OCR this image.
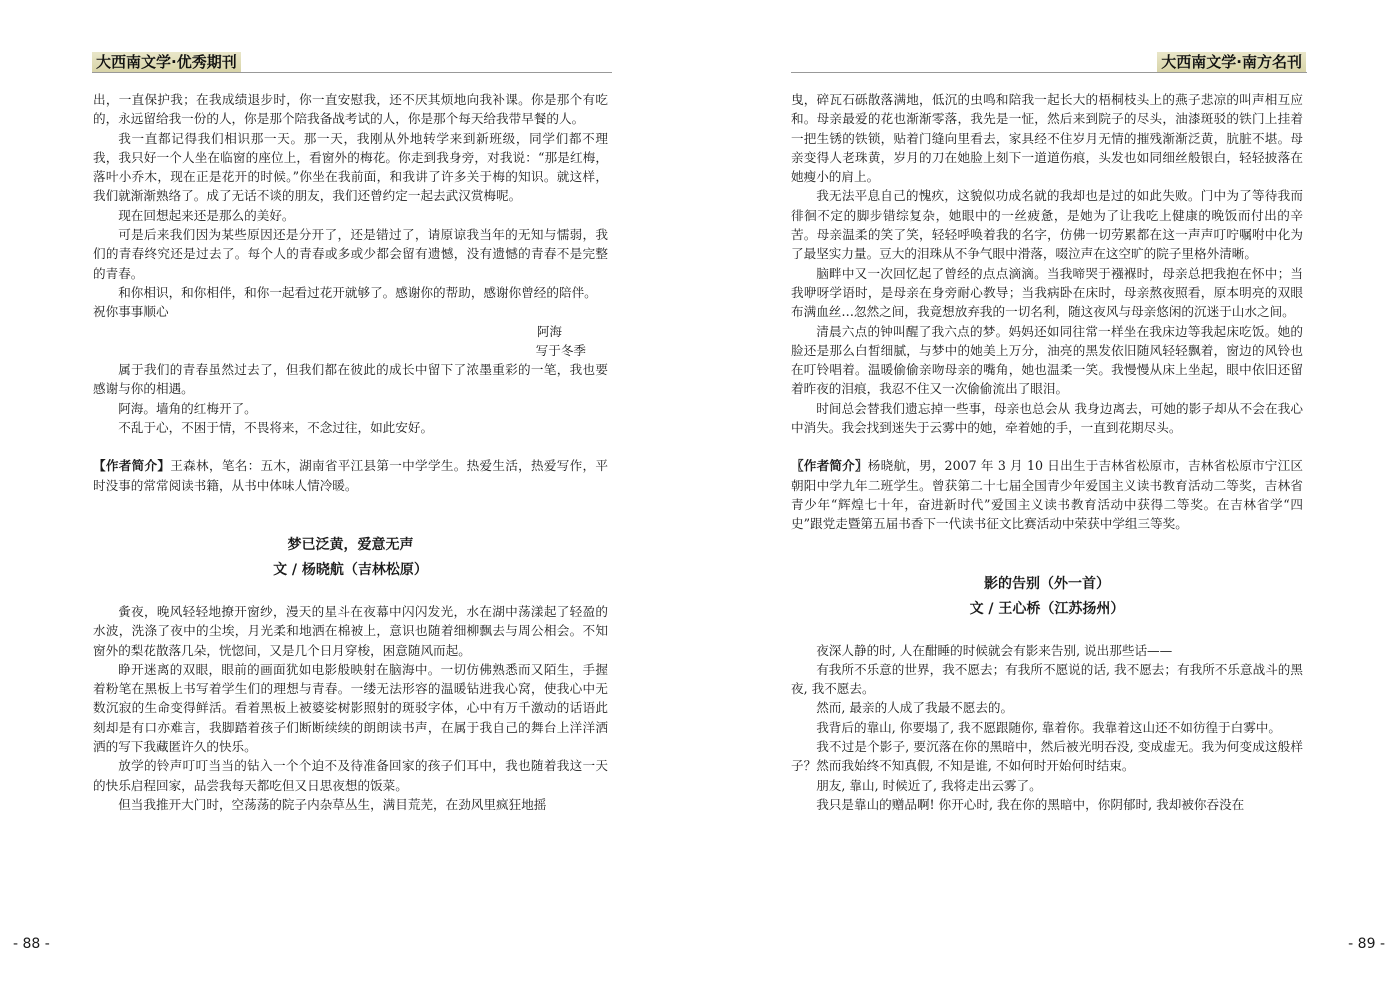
大西南文学·优秀期刊

出，一直保护我；在我成绩退步时，你一直安慰我，还不厌其烦地向我补课。你是那个有吃的，永远留给我一份的人，你是那个陪我备战考试的人，你是那个每天给我带早餐的人。

我一直都记得我们相识那一天。那一天，我刚从外地转学来到新班级，同学们都不理我，我只好一个人坐在临窗的座位上，看窗外的梅花。你走到我身旁，对我说：“那是红梅，落叶小乔木，现在正是花开的时候。”你坐在我前面，和我讲了许多关于梅的知识。就这样，我们就渐渐熟络了。成了无话不谈的朋友，我们还曾约定一起去武汉赏梅呢。

现在回想起来还是那么的美好。

可是后来我们因为某些原因还是分开了，还是错过了，请原谅我当年的无知与懦弱，我们的青春终究还是过去了。每个人的青春或多或少都会留有遗憾，没有遗憾的青春不是完整的青春。

和你相识，和你相伴，和你一起看过花开就够了。感谢你的帮助，感谢你曾经的陪伴。

祝你事事顺心

阿海

写于冬季

属于我们的青春虽然过去了，但我们都在彼此的成长中留下了浓墨重彩的一笔，我也要感谢与你的相遇。

阿海。墙角的红梅开了。

不乱于心，不困于情，不畏将来，不念过往，如此安好。

【作者简介】王森林，笔名：五木，湖南省平江县第一中学学生。热爱生活，热爱写作，平时没事的常常阅读书籍，从书中体味人情冷暖。

梦已泛黄，爱意无声

文 / 杨晓航（吉林松原）

夤夜，晚风轻轻地撩开窗纱，漫天的星斗在夜幕中闪闪发光，水在湖中荡漾起了轻盈的水波，洗涤了夜中的尘埃，月光柔和地洒在棉被上，意识也随着细柳飘去与周公相会。不知窗外的梨花散落几朵，恍惚间，又是几个日月穿梭，困意随风而起。

睁开迷离的双眼，眼前的画面犹如电影般映射在脑海中。一切仿佛熟悉而又陌生，手握着粉笔在黑板上书写着学生们的理想与青春。一缕无法形容的温暖钻进我心窝，使我心中无数沉寂的生命变得鲜活。看着黑板上被婆娑树影照射的斑驳字体，心中有万千激动的话语此刻却是有口亦难言，我脚踏着孩子们断断续续的朗朗读书声，在属于我自己的舞台上洋洋洒洒的写下我藏匿许久的快乐。

放学的铃声叮叮当当的钻入一个个迫不及待准备回家的孩子们耳中，我也随着我这一天的快乐启程回家，品尝我每天都吃但又日思夜想的饭菜。

但当我推开大门时，空荡荡的院子内杂草丛生，满目荒芜，在劲风里疯狂地摇

- 88 -
大西南文学·南方名刊

曳，碎瓦石砾散落满地，低沉的虫鸣和陪我一起长大的梧桐枝头上的燕子悲凉的叫声相互应和。母亲最爱的花也渐渐零落，我先是一怔，然后来到院子的尽头，油漆斑驳的铁门上挂着一把生锈的铁锁，贴着门缝向里看去，家具经不住岁月无情的摧残渐渐泛黄，肮脏不堪。母亲变得人老珠黄，岁月的刀在她脸上刻下一道道伤痕，头发也如同细丝般银白，轻轻披落在她瘦小的肩上。

我无法平息自己的愧疚，这貌似功成名就的我却也是过的如此失败。门中为了等待我而徘徊不定的脚步错综复杂，她眼中的一丝疲惫，是她为了让我吃上健康的晚饭而付出的辛苦。母亲温柔的笑了笑，轻轻呼唤着我的名字，仿佛一切劳累都在这一声声叮咛嘱咐中化为了最坚实力量。豆大的泪珠从不争气眼中滑落，啜泣声在这空旷的院子里格外清晰。

脑畔中又一次回忆起了曾经的点点滴滴。当我啼哭于襁褓时，母亲总把我抱在怀中；当我咿呀学语时，是母亲在身旁耐心教导；当我病卧在床时，母亲熬夜照看，原本明亮的双眼布满血丝…忽然之间，我竟想放弃我的一切名利，随这夜风与母亲悠闲的沉迷于山水之间。

清晨六点的钟叫醒了我六点的梦。妈妈还如同往常一样坐在我床边等我起床吃饭。她的脸还是那么白皙细腻，与梦中的她美上万分，油亮的黑发依旧随风轻轻飘着，窗边的风铃也在叮铃唱着。温暖偷偷亲吻母亲的嘴角，她也温柔一笑。我慢慢从床上坐起，眼中依旧还留着昨夜的泪痕，我忍不住又一次偷偷流出了眼泪。

时间总会替我们遗忘掉一些事，母亲也总会从 我身边离去，可她的影子却从不会在我心中消失。我会找到迷失于云雾中的她，牵着她的手，一直到花期尽头。

〖作者简介〗杨晓航，男，2007 年 3 月 10 日出生于吉林省松原市，吉林省松原市宁江区朝阳中学九年二班学生。曾获第二十七届全国青少年爱国主义读书教育活动二等奖，吉林省青少年“辉煌七十年，奋进新时代”爱国主义读书教育活动中获得二等奖。在吉林省学“四史”跟党走暨第五届书香下一代读书征文比赛活动中荣获中学组三等奖。

影的告别（外一首）

文 / 王心桥（江苏扬州）

夜深人静的时, 人在酣睡的时候就会有影来告别, 说出那些话——

有我所不乐意的世界，我不愿去；有我所不愿说的话, 我不愿去；有我所不乐意战斗的黑夜, 我不愿去。

然而, 最亲的人成了我最不愿去的。

我背后的靠山, 你要塌了, 我不愿跟随你, 靠着你。我靠着这山还不如彷徨于白雾中。

我不过是个影子, 要沉落在你的黑暗中，然后被光明吞没, 变成虚无。我为何变成这般样子？然而我始终不知真假, 不知是谁, 不如何时开始何时结束。

朋友, 靠山, 时候近了, 我将走出云雾了。

我只是靠山的赠品啊! 你开心时, 我在你的黑暗中，你阴郁时, 我却被你吞没在

- 89 -
